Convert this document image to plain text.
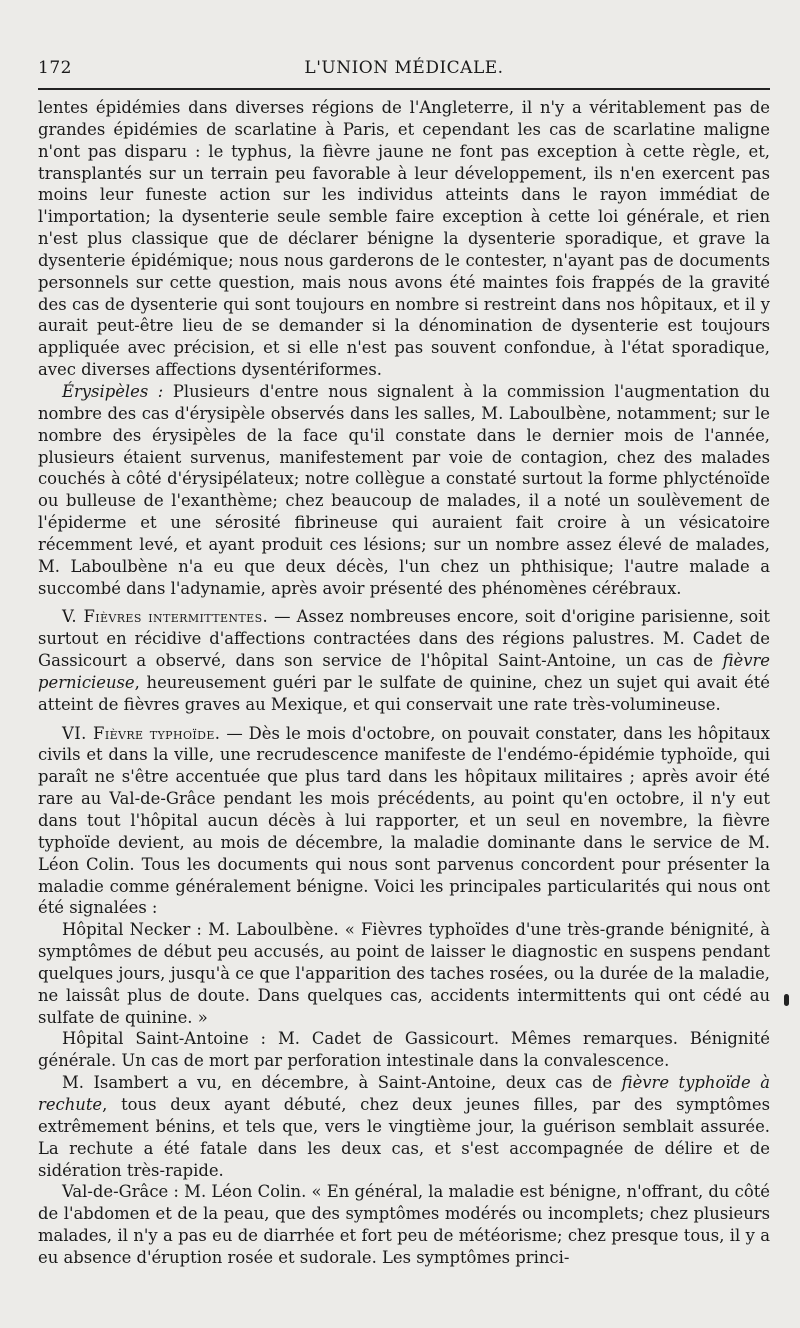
172	L'UNION MÉDICALE.

lentes épidémies dans diverses régions de l'Angleterre, il n'y a véritablement pas de grandes épidémies de scarlatine à Paris, et cependant les cas de scarlatine maligne n'ont pas disparu : le typhus, la fièvre jaune ne font pas exception à cette règle, et, transplantés sur un terrain peu favorable à leur développement, ils n'en exercent pas moins leur funeste action sur les individus atteints dans le rayon immédiat de l'importation; la dysenterie seule semble faire exception à cette loi générale, et rien n'est plus classique que de déclarer bénigne la dysenterie sporadique, et grave la dysenterie épidémique; nous nous garderons de le contester, n'ayant pas de documents personnels sur cette question, mais nous avons été maintes fois frappés de la gravité des cas de dysenterie qui sont toujours en nombre si restreint dans nos hôpitaux, et il y aurait peut-être lieu de se demander si la dénomination de dysenterie est toujours appliquée avec précision, et si elle n'est pas souvent confondue, à l'état sporadique, avec diverses affections dysentériformes.

Érysipèles : Plusieurs d'entre nous signalent à la commission l'augmentation du nombre des cas d'érysipèle observés dans les salles, M. Laboulbène, notamment; sur le nombre des érysipèles de la face qu'il constate dans le dernier mois de l'année, plusieurs étaient survenus, manifestement par voie de contagion, chez des malades couchés à côté d'érysipélateux; notre collègue a constaté surtout la forme phlycténoïde ou bulleuse de l'exanthème; chez beaucoup de malades, il a noté un soulèvement de l'épiderme et une sérosité fibrineuse qui auraient fait croire à un vésicatoire récemment levé, et ayant produit ces lésions; sur un nombre assez élevé de malades, M. Laboulbène n'a eu que deux décès, l'un chez un phthisique; l'autre malade a succombé dans l'adynamie, après avoir présenté des phénomènes cérébraux.

V. Fièvres intermittentes. — Assez nombreuses encore, soit d'origine parisienne, soit surtout en récidive d'affections contractées dans des régions palustres. M. Cadet de Gassicourt a observé, dans son service de l'hôpital Saint-Antoine, un cas de fièvre pernicieuse, heureusement guéri par le sulfate de quinine, chez un sujet qui avait été atteint de fièvres graves au Mexique, et qui conservait une rate très-volumineuse.

VI. Fièvre typhoïde. — Dès le mois d'octobre, on pouvait constater, dans les hôpitaux civils et dans la ville, une recrudescence manifeste de l'endémo-épidémie typhoïde, qui paraît ne s'être accentuée que plus tard dans les hôpitaux militaires ; après avoir été rare au Val-de-Grâce pendant les mois précédents, au point qu'en octobre, il n'y eut dans tout l'hôpital aucun décès à lui rapporter, et un seul en novembre, la fièvre typhoïde devient, au mois de décembre, la maladie dominante dans le service de M. Léon Colin. Tous les documents qui nous sont parvenus concordent pour présenter la maladie comme généralement bénigne. Voici les principales particularités qui nous ont été signalées :

Hôpital Necker : M. Laboulbène. « Fièvres typhoïdes d'une très-grande bénignité, à symptômes de début peu accusés, au point de laisser le diagnostic en suspens pendant quelques jours, jusqu'à ce que l'apparition des taches rosées, ou la durée de la maladie, ne laissât plus de doute. Dans quelques cas, accidents intermittents qui ont cédé au sulfate de quinine. »

Hôpital Saint-Antoine : M. Cadet de Gassicourt. Mêmes remarques. Bénignité générale. Un cas de mort par perforation intestinale dans la convalescence.

M. Isambert a vu, en décembre, à Saint-Antoine, deux cas de fièvre typhoïde à rechute, tous deux ayant débuté, chez deux jeunes filles, par des symptômes extrêmement bénins, et tels que, vers le vingtième jour, la guérison semblait assurée. La rechute a été fatale dans les deux cas, et s'est accompagnée de délire et de sidération très-rapide.

Val-de-Grâce : M. Léon Colin. « En général, la maladie est bénigne, n'offrant, du côté de l'abdomen et de la peau, que des symptômes modérés ou incomplets; chez plusieurs malades, il n'y a pas eu de diarrhée et fort peu de météorisme; chez presque tous, il y a eu absence d'éruption rosée et sudorale. Les symptômes princi-
